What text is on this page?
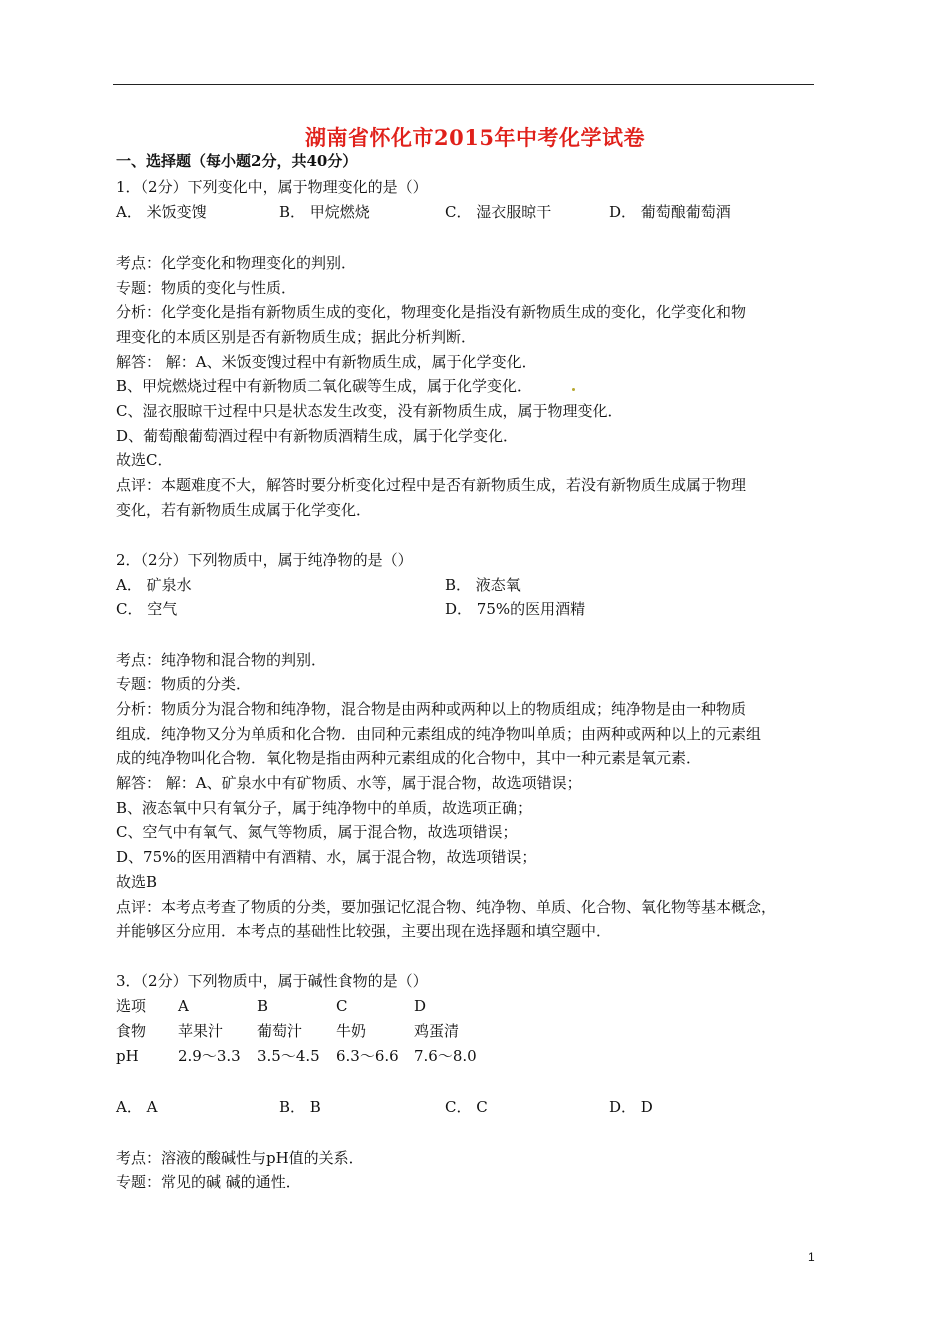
湖南省怀化市2015年中考化学试卷
一、选择题（每小题2分，共40分）
1．（2分）下列变化中，属于物理变化的是（）
A． 米饭变馊	B． 甲烷燃烧	C． 湿衣服晾干	D． 葡萄酿葡萄酒
考点：化学变化和物理变化的判别．
专题：物质的变化与性质．
分析：化学变化是指有新物质生成的变化，物理变化是指没有新物质生成的变化，化学变化和物
理变化的本质区别是否有新物质生成；据此分析判断．
解答： 解：A、米饭变馊过程中有新物质生成，属于化学变化．
B、甲烷燃烧过程中有新物质二氧化碳等生成，属于化学变化．
C、湿衣服晾干过程中只是状态发生改变，没有新物质生成，属于物理变化．
D、葡萄酿葡萄酒过程中有新物质酒精生成，属于化学变化．
故选C．
点评：本题难度不大，解答时要分析变化过程中是否有新物质生成，若没有新物质生成属于物理
变化，若有新物质生成属于化学变化．
2．（2分）下列物质中，属于纯净物的是（）
A． 矿泉水	B． 液态氧
C． 空气	D． 75%的医用酒精
考点：纯净物和混合物的判别．
专题：物质的分类．
分析：物质分为混合物和纯净物，混合物是由两种或两种以上的物质组成；纯净物是由一种物质
组成．纯净物又分为单质和化合物．由同种元素组成的纯净物叫单质；由两种或两种以上的元素组
成的纯净物叫化合物．氧化物是指由两种元素组成的化合物中，其中一种元素是氧元素．
解答： 解：A、矿泉水中有矿物质、水等，属于混合物，故选项错误；
B、液态氧中只有氧分子，属于纯净物中的单质，故选项正确；
C、空气中有氧气、氮气等物质，属于混合物，故选项错误；
D、75%的医用酒精中有酒精、水，属于混合物，故选项错误；
故选B
点评：本考点考查了物质的分类，要加强记忆混合物、纯净物、单质、化合物、氧化物等基本概念，
并能够区分应用．本考点的基础性比较强，主要出现在选择题和填空题中．
3．（2分）下列物质中，属于碱性食物的是（）
选项 A	B	C	D
食物 苹果汁 葡萄汁 牛奶	鸡蛋清
pH	2.9～3.3 3.5～4.5 6.3～6.6 7.6～8.0
A． A	B． B	C． C	D． D
考点：溶液的酸碱性与pH值的关系．
专题：常见的碱 碱的通性．
1
